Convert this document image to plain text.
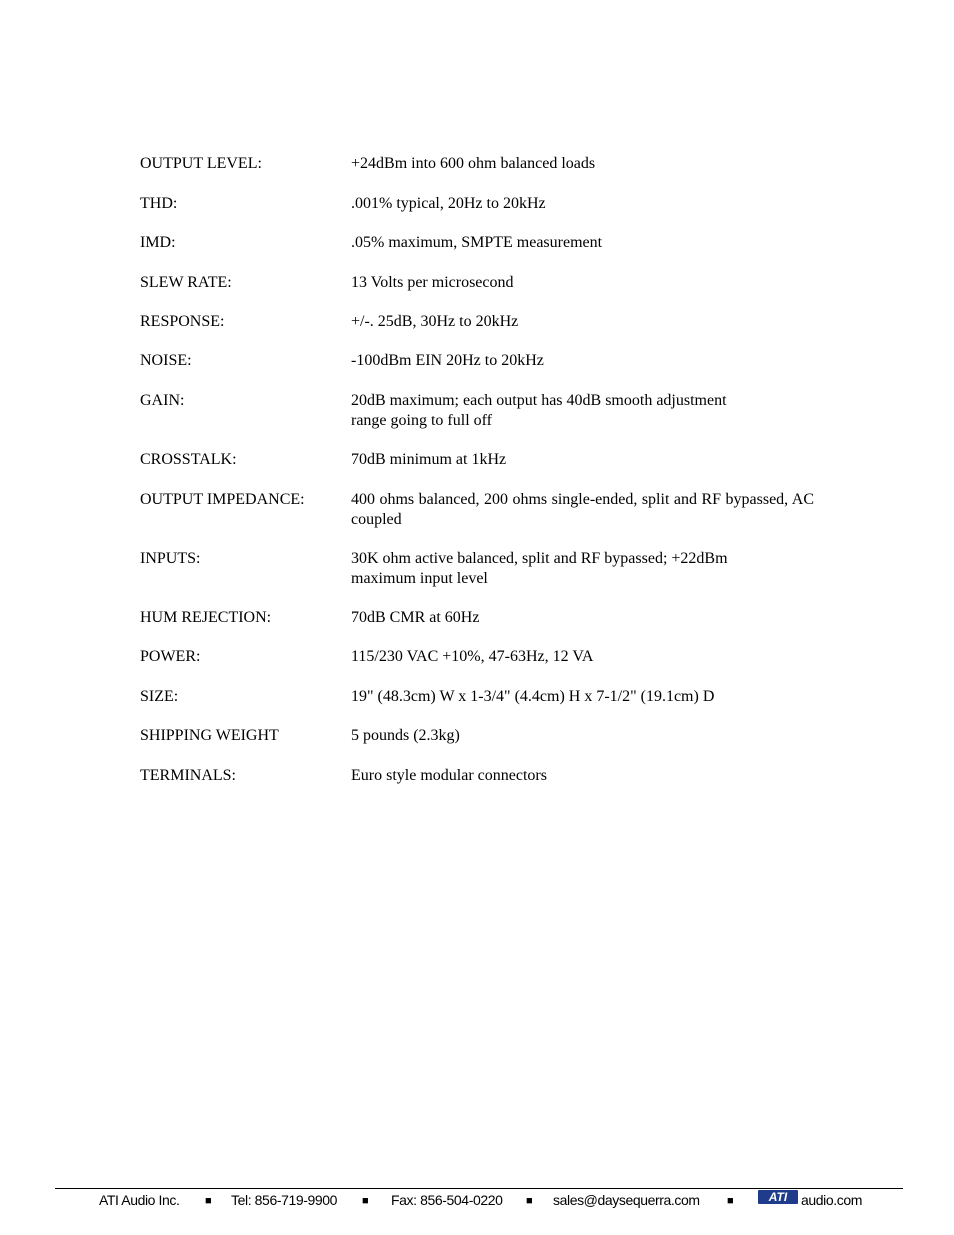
OUTPUT LEVEL:	+24dBm into 600 ohm balanced loads
THD:	.001% typical, 20Hz to 20kHz
IMD:	.05% maximum, SMPTE measurement
SLEW RATE:	13 Volts per microsecond
RESPONSE:	+/-. 25dB, 30Hz to 20kHz
NOISE:	-100dBm EIN 20Hz to 20kHz
GAIN:	20dB maximum; each output has 40dB smooth adjustment range going to full off
CROSSTALK:	70dB minimum at 1kHz
OUTPUT IMPEDANCE:	400 ohms balanced, 200 ohms single-ended, split and RF bypassed, AC coupled
INPUTS:	30K ohm active balanced, split and RF bypassed; +22dBm maximum input level
HUM REJECTION:	70dB CMR at 60Hz
POWER:	115/230 VAC +10%, 47-63Hz, 12 VA
SIZE:	19" (48.3cm) W x 1-3/4" (4.4cm) H x 7-1/2" (19.1cm) D
SHIPPING WEIGHT	5 pounds (2.3kg)
TERMINALS:	Euro style modular connectors
ATI Audio Inc. ■ Tel: 856-719-9900 ■ Fax: 856-504-0220 ■ sales@daysequerra.com ■	ATI audio.com
